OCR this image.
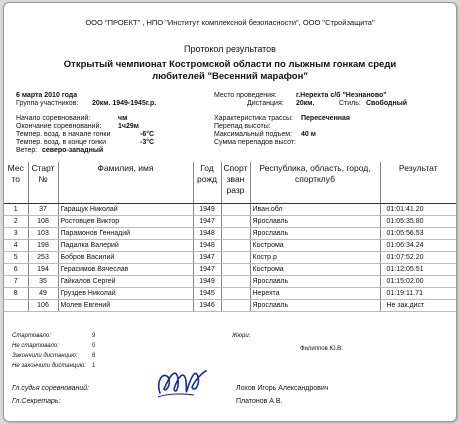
ООО "ПРОЕКТ" , НПО "Институт комплексной безопасности", ООО "Стройзащита"
Протокол результатов
Открытый чемпионат Костромской области по лыжным гонкам среди
любителей "Весенний марафон"
6 марта 2010 года
Группа участников: 20км. 1949-1945г.р.
Место проведения:	г.Нерехта с/б "Незнаново"
Дистанция: 20км.	Стиль: Свободный
Начало соревнований:	чм
Окончание соревнований: 1ч29м
Темпер. возд. в начале гонки	-6°С
Темпер. возд. в конце гонки	-3°С
Ветер: северо-западный
Характеристика трассы: Пересеченная
Перепад высоты:
Максимальный подъем: 40 м
Сумма перепадов высот:
Мес то	Старт №	Фамилия, имя	Год рожд	Спорт зван разр	Республика, область, город, спортклуб	Результат
1	37	Гаращук Николай	1949		Иван.обл	01:01:41.20
2	108	Ростовцев Виктор	1947		Ярославль	01:05:35.80
3	103	Парамонов Геннадий	1948		Ярославль	01:05:56.53
4	198	Падалка Валерий	1948		Кострома	01:06:34.24
5	253	Бобров Василий	1947		Костр.р	01:07:52.20
6	194	Герасимов Вячеслав	1947		Кострома	01:12:05.51
7	35	Гайкалов Сергей	1949		Ярославль	01:15:02.00
8	49	Груздев Николай	1945		Нерехта	01:19:11.71
	106	Молев Евгений	1946		Ярославль	Не зак.дист
Стартовало:	9
Не стартовало:	0
Закончили дистанцию: 8
Не закончили дистанцию: 1
Жюри:
Филиппов Ю.В.
Гл.судья соревнований:	Лохов Игорь Александрович
Гл.Секретарь:	Платонов А.В.
